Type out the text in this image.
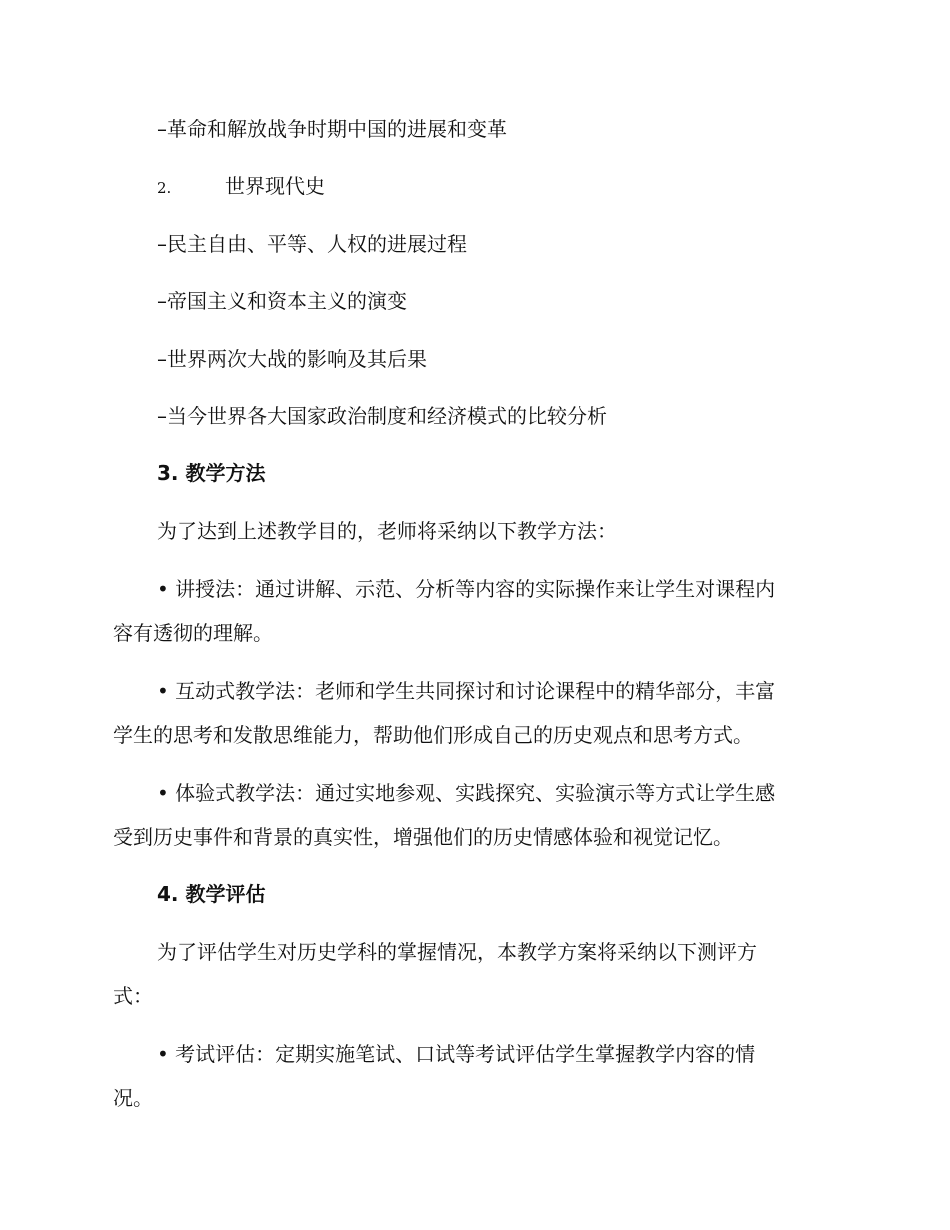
–革命和解放战争时期中国的进展和变革
2.	世界现代史
–民主自由、平等、人权的进展过程
–帝国主义和资本主义的演变
–世界两次大战的影响及其后果
–当今世界各大国家政治制度和经济模式的比较分析
3. 教学方法
为了达到上述教学目的，老师将采纳以下教学方法：
• 讲授法：通过讲解、示范、分析等内容的实际操作来让学生对课程内
容有透彻的理解。
• 互动式教学法：老师和学生共同探讨和讨论课程中的精华部分，丰富
学生的思考和发散思维能力，帮助他们形成自己的历史观点和思考方式。
• 体验式教学法：通过实地参观、实践探究、实验演示等方式让学生感
受到历史事件和背景的真实性，增强他们的历史情感体验和视觉记忆。
4. 教学评估
为了评估学生对历史学科的掌握情况，本教学方案将采纳以下测评方
式：
• 考试评估：定期实施笔试、口试等考试评估学生掌握教学内容的情
况。
